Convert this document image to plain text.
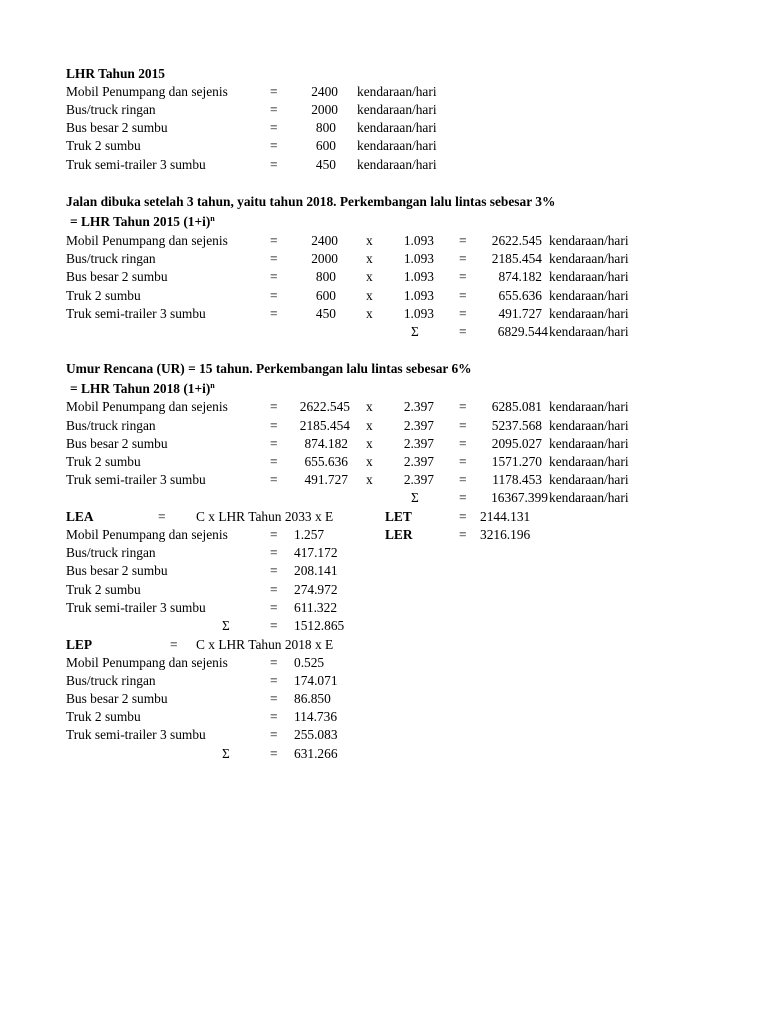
LHR Tahun 2015
Mobil Penumpang dan sejenis	=	2400 kendaraan/hari
Bus/truck ringan	=	2000 kendaraan/hari
Bus besar 2 sumbu	=	800 kendaraan/hari
Truk 2 sumbu	=	600 kendaraan/hari
Truk semi-trailer 3 sumbu	=	450 kendaraan/hari
Jalan dibuka setelah 3 tahun, yaitu tahun 2018. Perkembangan lalu lintas sebesar 3%
= LHR Tahun 2015 $(1+i)^n$
Mobil Penumpang dan sejenis	=	2400 x	1.093 =	2622.545 kendaraan/hari
Bus/truck ringan	=	2000 x	1.093 =	2185.454 kendaraan/hari
Bus besar 2 sumbu	=	800 x	1.093 =	874.182 kendaraan/hari
Truk 2 sumbu	=	600 x	1.093 =	655.636 kendaraan/hari
Truk semi-trailer 3 sumbu	=	450 x	1.093 =	491.727 kendaraan/hari
Σ	=	6829.544 kendaraan/hari
Umur Rencana (UR) = 15 tahun. Perkembangan lalu lintas sebesar 6%
= LHR Tahun 2018 $(1+i)^n$
Mobil Penumpang dan sejenis	=	2622.545 x	2.397 =	6285.081 kendaraan/hari
Bus/truck ringan	=	2185.454 x	2.397 =	5237.568 kendaraan/hari
Bus besar 2 sumbu	=	874.182 x	2.397 =	2095.027 kendaraan/hari
Truk 2 sumbu	=	655.636 x	2.397 =	1571.270 kendaraan/hari
Truk semi-trailer 3 sumbu	=	491.727 x	2.397 =	1178.453 kendaraan/hari
Σ	=	16367.399 kendaraan/hari
LEA	= C x LHR Tahun 2033 x E
Mobil Penumpang dan sejenis	= 1.257
Bus/truck ringan	= 417.172
Bus besar 2 sumbu	= 208.141
Truk 2 sumbu	= 274.972
Truk semi-trailer 3 sumbu	= 611.322
Σ	= 1512.865
LET	= 2144.131
LER	= 3216.196
LEP	= C x LHR Tahun 2018 x E
Mobil Penumpang dan sejenis	= 0.525
Bus/truck ringan	= 174.071
Bus besar 2 sumbu	= 86.850
Truk 2 sumbu	= 114.736
Truk semi-trailer 3 sumbu	= 255.083
Σ	= 631.266
